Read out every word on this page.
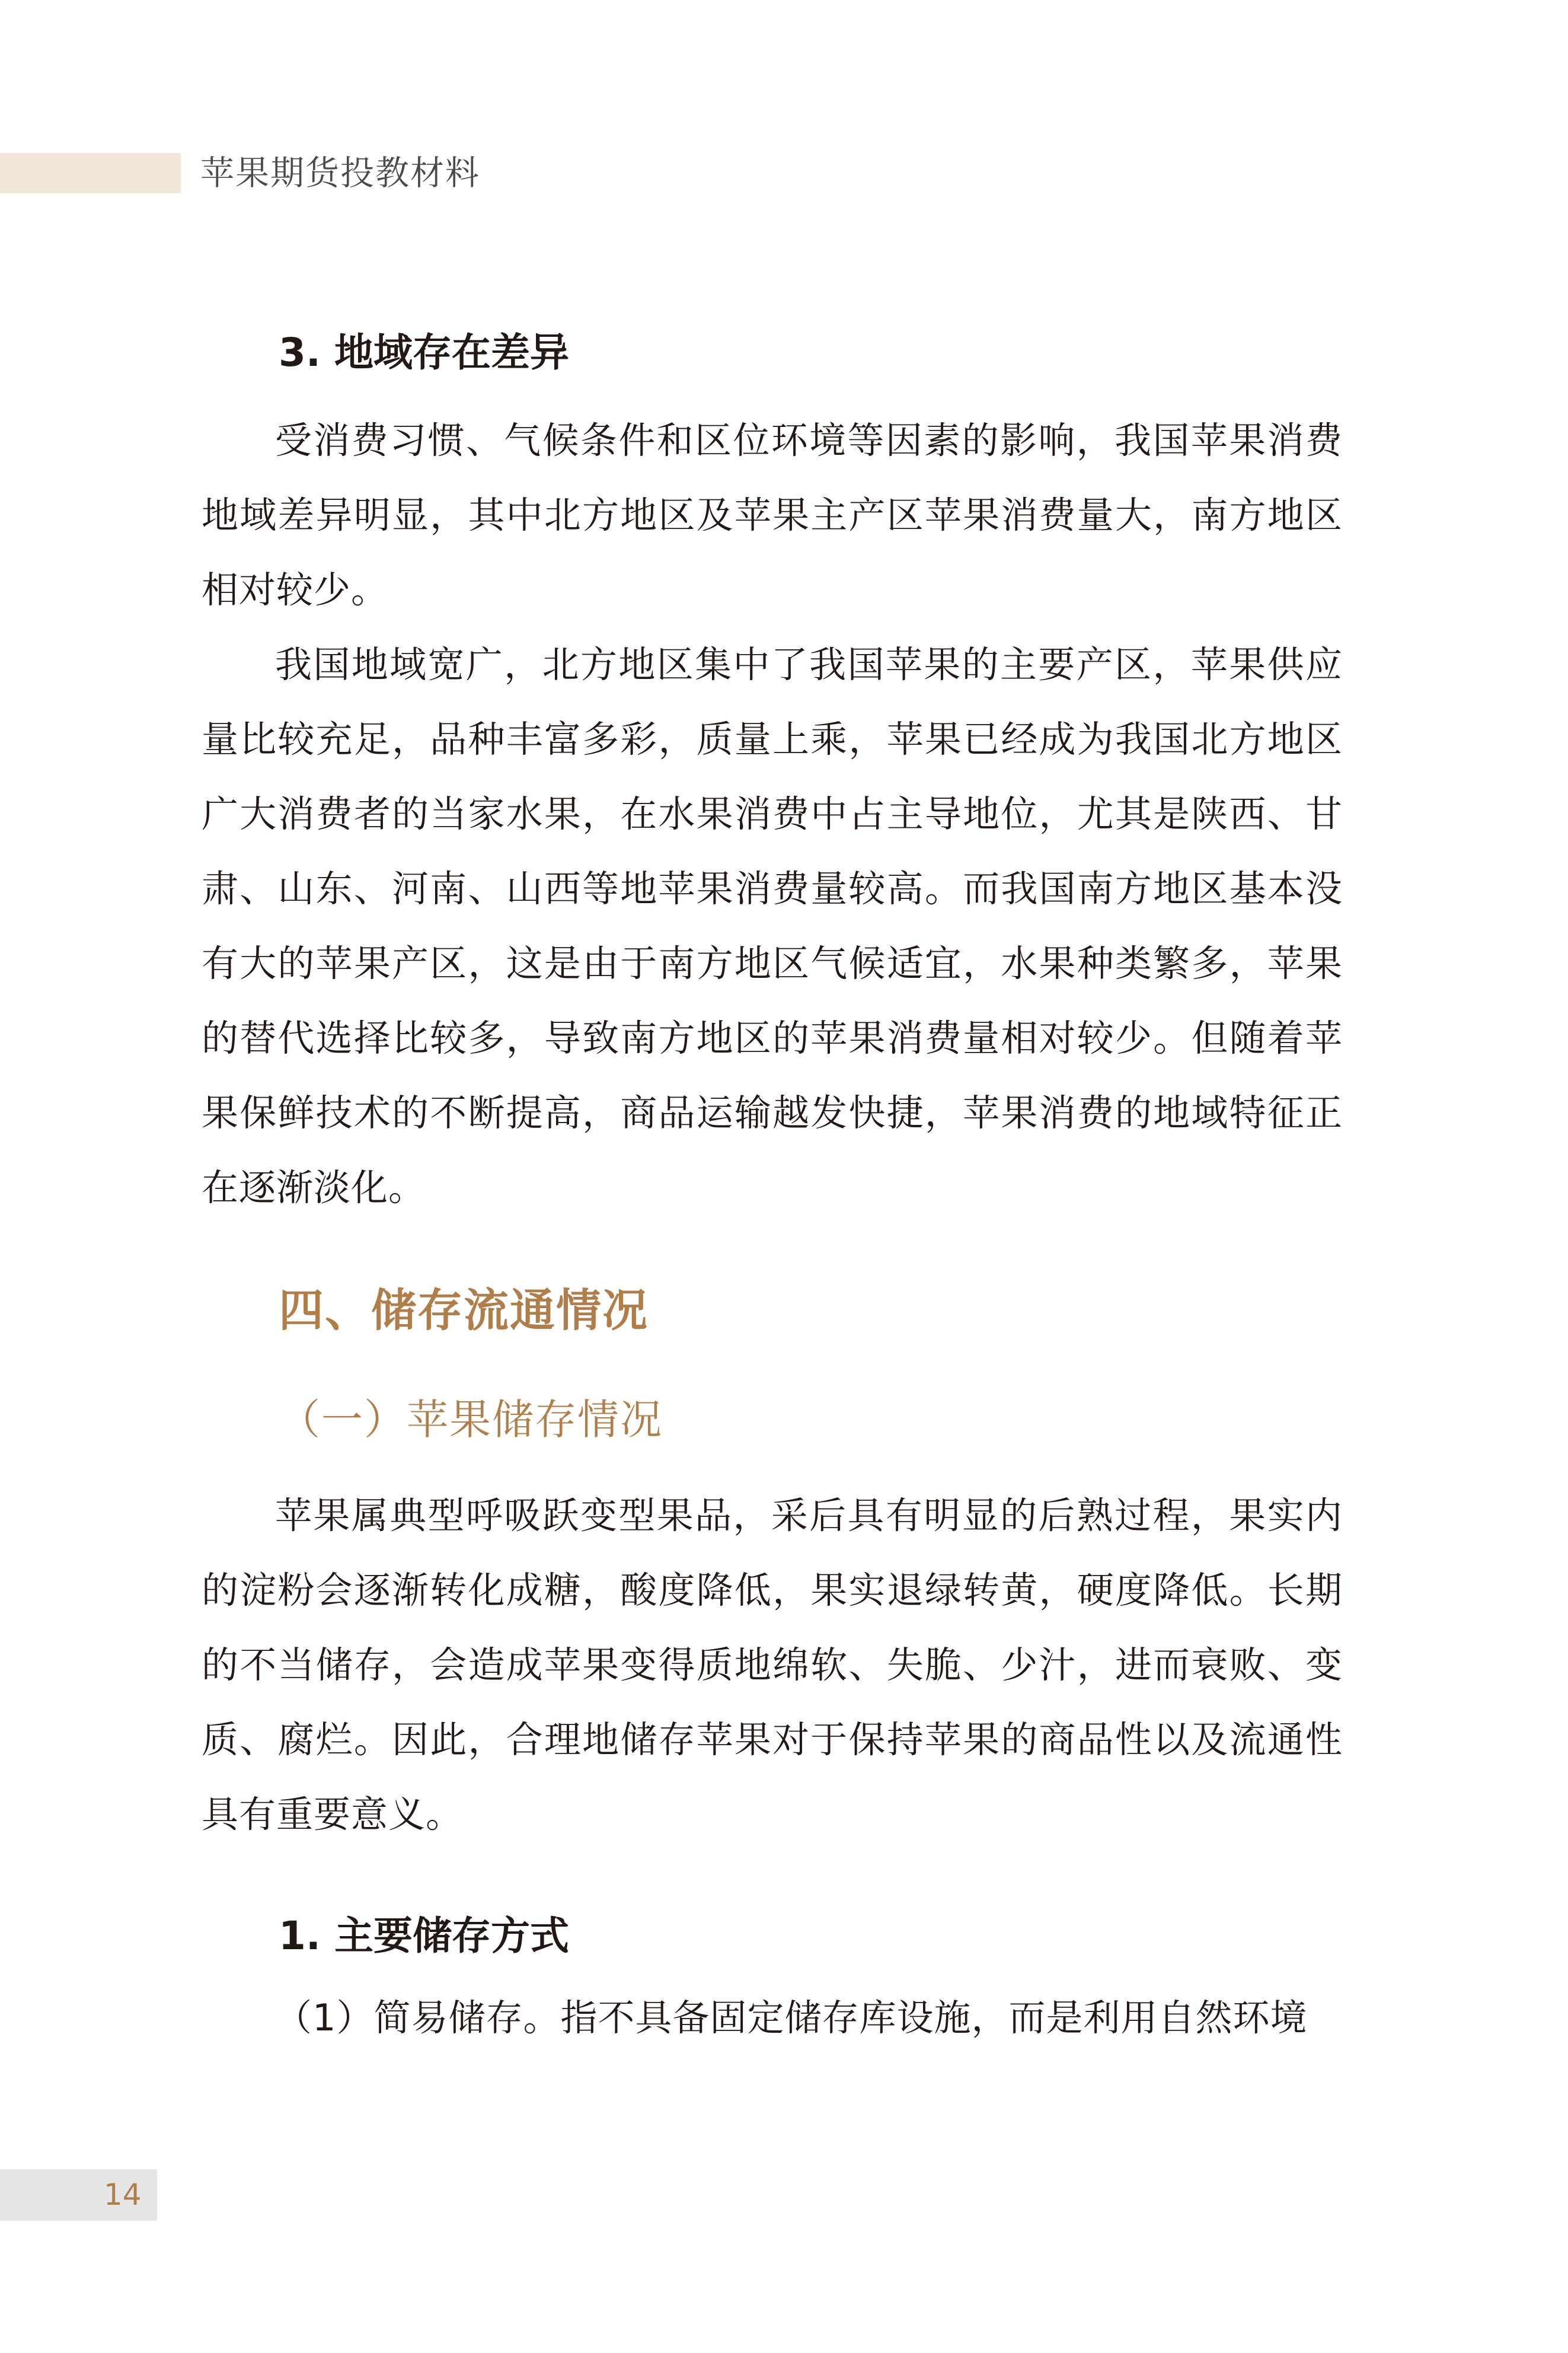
苹果期货投教材料
3. 地域存在差异
受消费习惯、气候条件和区位环境等因素的影响，我国苹果消费地域差异明显，其中北方地区及苹果主产区苹果消费量大，南方地区相对较少。
我国地域宽广，北方地区集中了我国苹果的主要产区，苹果供应量比较充足，品种丰富多彩，质量上乘，苹果已经成为我国北方地区广大消费者的当家水果，在水果消费中占主导地位，尤其是陕西、甘肃、山东、河南、山西等地苹果消费量较高。而我国南方地区基本没有大的苹果产区，这是由于南方地区气候适宜，水果种类繁多，苹果的替代选择比较多，导致南方地区的苹果消费量相对较少。但随着苹果保鲜技术的不断提高，商品运输越发快捷，苹果消费的地域特征正在逐渐淡化。
四、储存流通情况
（一）苹果储存情况
苹果属典型呼吸跃变型果品，采后具有明显的后熟过程，果实内的淀粉会逐渐转化成糖，酸度降低，果实退绿转黄，硬度降低。长期的不当储存，会造成苹果变得质地绵软、失脆、少汁，进而衰败、变质、腐烂。因此，合理地储存苹果对于保持苹果的商品性以及流通性具有重要意义。
1. 主要储存方式
（1）简易储存。指不具备固定储存库设施，而是利用自然环境
14
